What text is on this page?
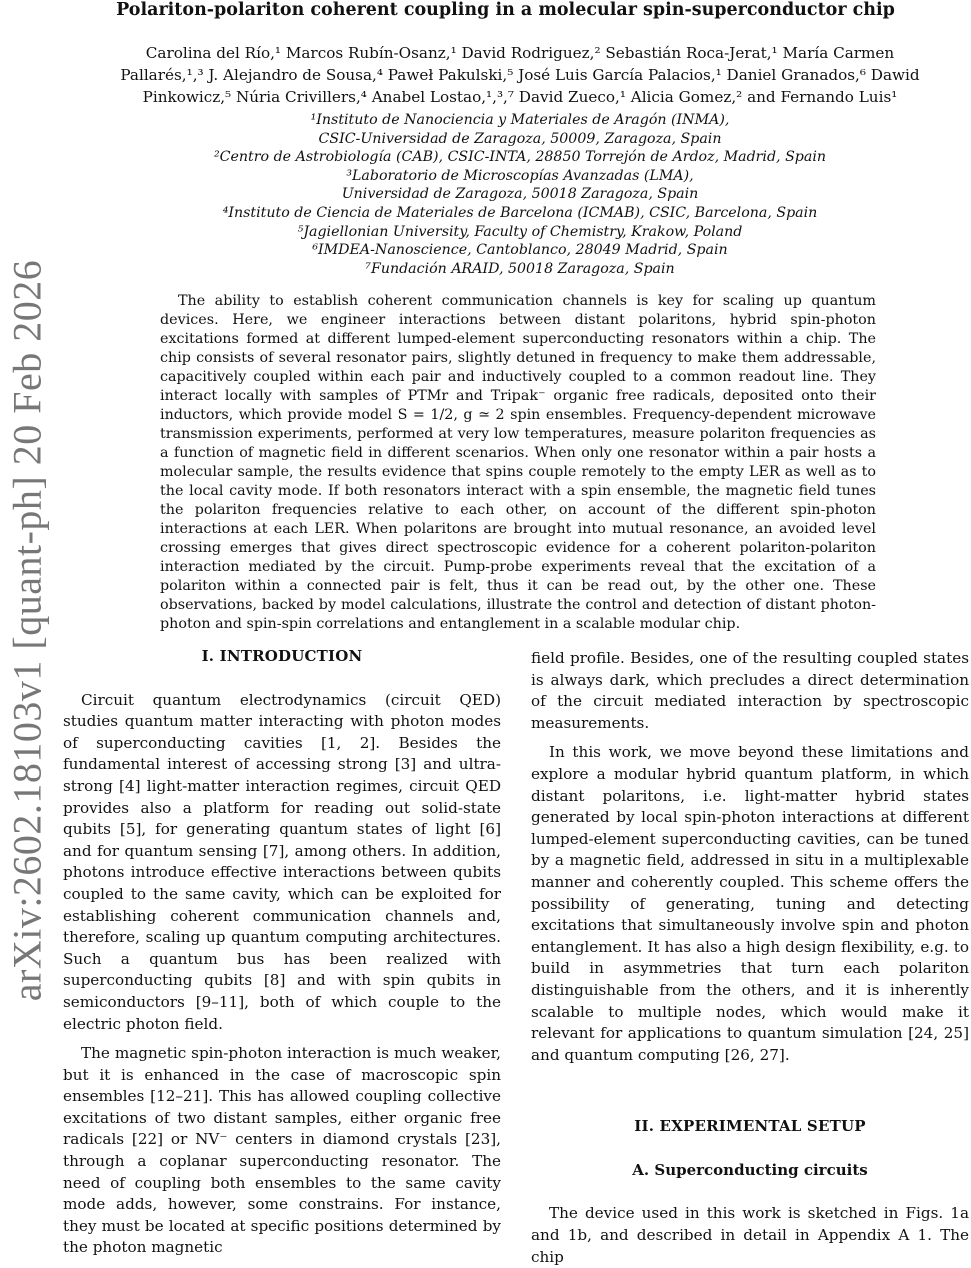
arXiv:2602.18103v1 [quant-ph] 20 Feb 2026
Polariton-polariton coherent coupling in a molecular spin-superconductor chip
Carolina del Río,¹ Marcos Rubín-Osanz,¹ David Rodriguez,² Sebastián Roca-Jerat,¹ María Carmen
Pallarés,¹,³ J. Alejandro de Sousa,⁴ Paweł Pakulski,⁵ José Luis García Palacios,¹ Daniel Granados,⁶ Dawid
Pinkowicz,⁵ Núria Crivillers,⁴ Anabel Lostao,¹,³,⁷ David Zueco,¹ Alicia Gomez,² and Fernando Luis¹
¹Instituto de Nanociencia y Materiales de Aragón (INMA),
CSIC-Universidad de Zaragoza, 50009, Zaragoza, Spain
²Centro de Astrobiología (CAB), CSIC-INTA, 28850 Torrejón de Ardoz, Madrid, Spain
³Laboratorio de Microscopías Avanzadas (LMA),
Universidad de Zaragoza, 50018 Zaragoza, Spain
⁴Instituto de Ciencia de Materiales de Barcelona (ICMAB), CSIC, Barcelona, Spain
⁵Jagiellonian University, Faculty of Chemistry, Krakow, Poland
⁶IMDEA-Nanoscience, Cantoblanco, 28049 Madrid, Spain
⁷Fundación ARAID, 50018 Zaragoza, Spain

The ability to establish coherent communication channels is key for scaling up quantum devices. Here, we engineer interactions between distant polaritons, hybrid spin-photon excitations formed at different lumped-element superconducting resonators within a chip. The chip consists of several resonator pairs, slightly detuned in frequency to make them addressable, capacitively coupled within each pair and inductively coupled to a common readout line. They interact locally with samples of PTMr and Tripak⁻ organic free radicals, deposited onto their inductors, which provide model S = 1/2, g ≃ 2 spin ensembles. Frequency-dependent microwave transmission experiments, performed at very low temperatures, measure polariton frequencies as a function of magnetic field in different scenarios. When only one resonator within a pair hosts a molecular sample, the results evidence that spins couple remotely to the empty LER as well as to the local cavity mode. If both resonators interact with a spin ensemble, the magnetic field tunes the polariton frequencies relative to each other, on account of the different spin-photon interactions at each LER. When polaritons are brought into mutual resonance, an avoided level crossing emerges that gives direct spectroscopic evidence for a coherent polariton-polariton interaction mediated by the circuit. Pump-probe experiments reveal that the excitation of a polariton within a connected pair is felt, thus it can be read out, by the other one. These observations, backed by model calculations, illustrate the control and detection of distant photon-photon and spin-spin correlations and entanglement in a scalable modular chip.

I. INTRODUCTION

Circuit quantum electrodynamics (circuit QED) studies quantum matter interacting with photon modes of superconducting cavities [1, 2]. Besides the fundamental interest of accessing strong [3] and ultra-strong [4] light-matter interaction regimes, circuit QED provides also a platform for reading out solid-state qubits [5], for generating quantum states of light [6] and for quantum sensing [7], among others. In addition, photons introduce effective interactions between qubits coupled to the same cavity, which can be exploited for establishing coherent communication channels and, therefore, scaling up quantum computing architectures. Such a quantum bus has been realized with superconducting qubits [8] and with spin qubits in semiconductors [9–11], both of which couple to the electric photon field.

The magnetic spin-photon interaction is much weaker, but it is enhanced in the case of macroscopic spin ensembles [12–21]. This has allowed coupling collective excitations of two distant samples, either organic free radicals [22] or NV⁻ centers in diamond crystals [23], through a coplanar superconducting resonator. The need of coupling both ensembles to the same cavity mode adds, however, some constrains. For instance, they must be located at specific positions determined by the photon magnetic

field profile. Besides, one of the resulting coupled states is always dark, which precludes a direct determination of the circuit mediated interaction by spectroscopic measurements.

In this work, we move beyond these limitations and explore a modular hybrid quantum platform, in which distant polaritons, i.e. light-matter hybrid states generated by local spin-photon interactions at different lumped-element superconducting cavities, can be tuned by a magnetic field, addressed in situ in a multiplexable manner and coherently coupled. This scheme offers the possibility of generating, tuning and detecting excitations that simultaneously involve spin and photon entanglement. It has also a high design flexibility, e.g. to build in asymmetries that turn each polariton distinguishable from the others, and it is inherently scalable to multiple nodes, which would make it relevant for applications to quantum simulation [24, 25] and quantum computing [26, 27].

II. EXPERIMENTAL SETUP
A. Superconducting circuits

The device used in this work is sketched in Figs. 1a and 1b, and described in detail in Appendix A 1. The chip
